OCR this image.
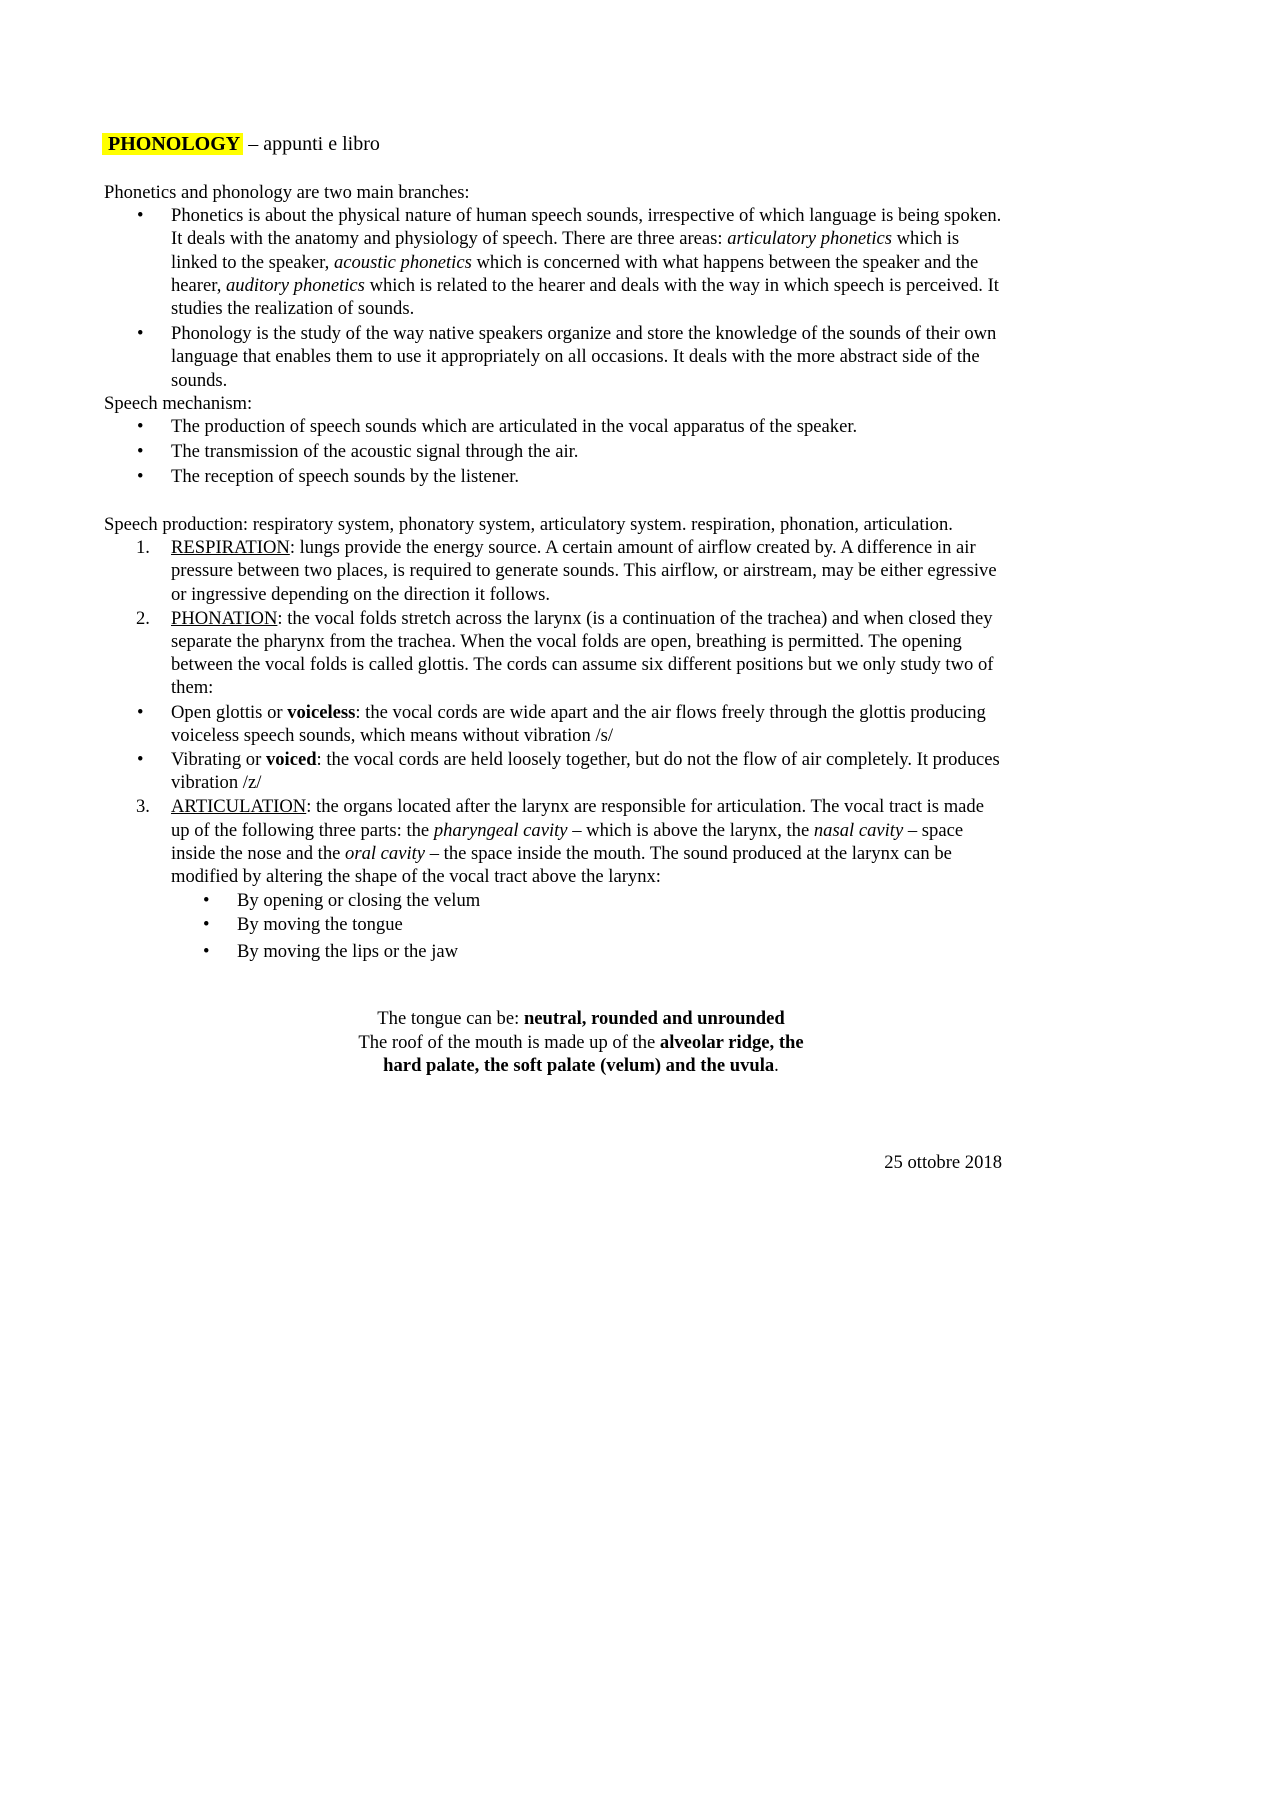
PHONOLOGY – appunti e libro

Phonetics and phonology are two main branches:

• Phonetics is about the physical nature of human speech sounds, irrespective of which language is being spoken. It deals with the anatomy and physiology of speech. There are three areas: articulatory phonetics which is linked to the speaker, acoustic phonetics which is concerned with what happens between the speaker and the hearer, auditory phonetics which is related to the hearer and deals with the way in which speech is perceived. It studies the realization of sounds.
• Phonology is the study of the way native speakers organize and store the knowledge of the sounds of their own language that enables them to use it appropriately on all occasions. It deals with the more abstract side of the sounds.

Speech mechanism:

• The production of speech sounds which are articulated in the vocal apparatus of the speaker.
• The transmission of the acoustic signal through the air.
• The reception of speech sounds by the listener.

Speech production: respiratory system, phonatory system, articulatory system. respiration, phonation, articulation.

1. RESPIRATION: lungs provide the energy source. A certain amount of airflow created by. A difference in air pressure between two places, is required to generate sounds. This airflow, or airstream, may be either egressive or ingressive depending on the direction it follows.
2. PHONATION: the vocal folds stretch across the larynx (is a continuation of the trachea) and when closed they separate the pharynx from the trachea. When the vocal folds are open, breathing is permitted. The opening between the vocal folds is called glottis. The cords can assume six different positions but we only study two of them:
• Open glottis or voiceless: the vocal cords are wide apart and the air flows freely through the glottis producing voiceless speech sounds, which means without vibration /s/
• Vibrating or voiced: the vocal cords are held loosely together, but do not the flow of air completely. It produces vibration /z/
3. ARTICULATION: the organs located after the larynx are responsible for articulation. The vocal tract is made up of the following three parts: the pharyngeal cavity – which is above the larynx, the nasal cavity – space inside the nose and the oral cavity – the space inside the mouth. The sound produced at the larynx can be modified by altering the shape of the vocal tract above the larynx:
• By opening or closing the velum
• By moving the tongue
• By moving the lips or the jaw
The tongue can be: neutral, rounded and unrounded
The roof of the mouth is made up of the alveolar ridge, the
hard palate, the soft palate (velum) and the uvula.
25 ottobre 2018
